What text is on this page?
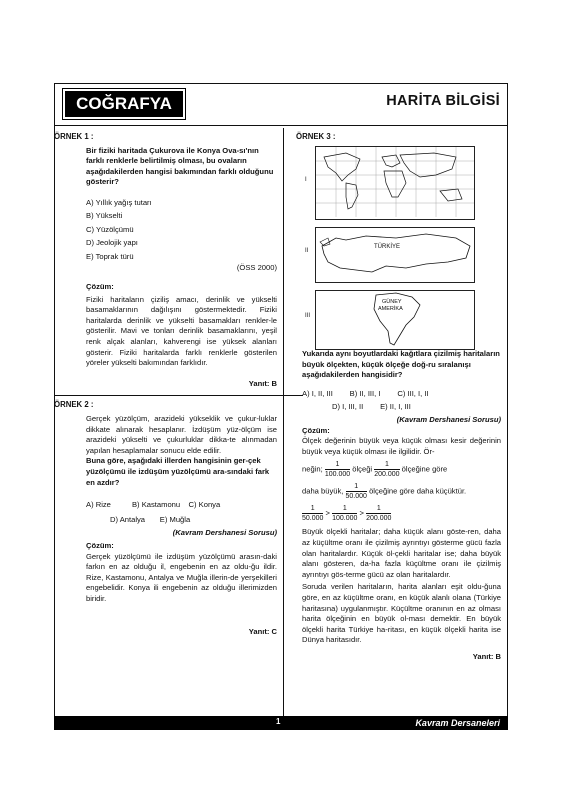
COĞRAFYA	HARİTA BİLGİSİ
ÖRNEK 1 :
Bir fiziki haritada Çukurova ile Konya Ova-sı'nın farklı renklerle belirtilmiş olması, bu ovaların aşağıdakilerden hangisi bakımından farklı olduğunu gösterir?
A) Yıllık yağış tutarı
B) Yükselti
C) Yüzölçümü
D) Jeolojik yapı
E) Toprak türü
(ÖSS 2000)
Çözüm:
Fiziki haritaların çiziliş amacı, derinlik ve yükselti basamaklarının dağılışını göstermektedir. Fiziki haritalarda derinlik ve yükselti basamakları renkler-le gösterilir. Mavi ve tonları derinlik basamaklarını, yeşil renk alçak alanları, kahverengi ise yüksek alanları gösterir. Fiziki haritalarda farklı renklerle gösterilen yöreler yükselti bakımından farklıdır.
Yanıt: B
ÖRNEK 2 :
Gerçek yüzölçüm, arazideki yükseklik ve çukur-luklar dikkate alınarak hesaplanır. İzdüşüm yüz-ölçüm ise arazideki yükselti ve çukurluklar dikka-te alınmadan yapılan hesaplamalar sonucu elde edilir.
Buna göre, aşağıdaki illerden hangisinin ger-çek yüzölçümü ile izdüşüm yüzölçümü ara-sındaki fark en azdır?
A) Rize          B) Kastamonu    C) Konya
D) Antalya       E) Muğla
(Kavram Dershanesi Sorusu)
Çözüm:
Gerçek yüzölçümü ile izdüşüm yüzölçümü arasın-daki farkın en az olduğu il, engebenin en az oldu-ğu ildir. Rize, Kastamonu, Antalya ve Muğla illerin-de yerşekilleri engebelidir. Konya ili engebenin az olduğu illerimizden biridir.
Yanıt: C
I
II
TÜRKİYE
III
GÜNEY
AMERİKA
ÖRNEK 3 :
Yukarıda aynı boyutlardaki kağıtlara çizilmiş haritaların büyük ölçekten, küçük ölçeğe doğ-ru sıralanışı aşağıdakilerden hangisidir?
A) I, II, III        B) II, III, I        C) III, I, II
D) I, III, II        E) II, I, III
(Kavram Dershanesi Sorusu)
Çözüm:
Ölçek değerinin büyük veya küçük olması kesir değerinin büyük veya küçük olması ile ilgilidir. Ör-
neğin; $\frac{1}{100.000}$ ölçeği $\frac{1}{200.000}$ ölçeğine göre
daha büyük, $\frac{1}{50.000}$ ölçeğine göre daha küçüktür.
$\frac{1}{50.000} > \frac{1}{100.000} > \frac{1}{200.000}$
Büyük ölçekli haritalar; daha küçük alanı göste-ren, daha az küçültme oranı ile çizilmiş ayrıntıyı gösterme gücü fazla olan haritalardır. Küçük öl-çekli haritalar ise; daha büyük alanı gösteren, da-ha fazla küçültme oranı ile çizilmiş ayrıntıyı gös-terme gücü az olan haritalardır.
Soruda verilen haritaların, harita alanları eşit oldu-ğuna göre, en az küçültme oranı, en küçük alanlı olana (Türkiye haritasına) uygulanmıştır. Küçültme oranının en az olması harita ölçeğinin en büyük ol-ması demektir. En büyük ölçekli harita Türkiye ha-ritası, en küçük ölçekli harita ise Dünya haritasıdır.
Yanıt: B
1	Kavram Dersaneleri
